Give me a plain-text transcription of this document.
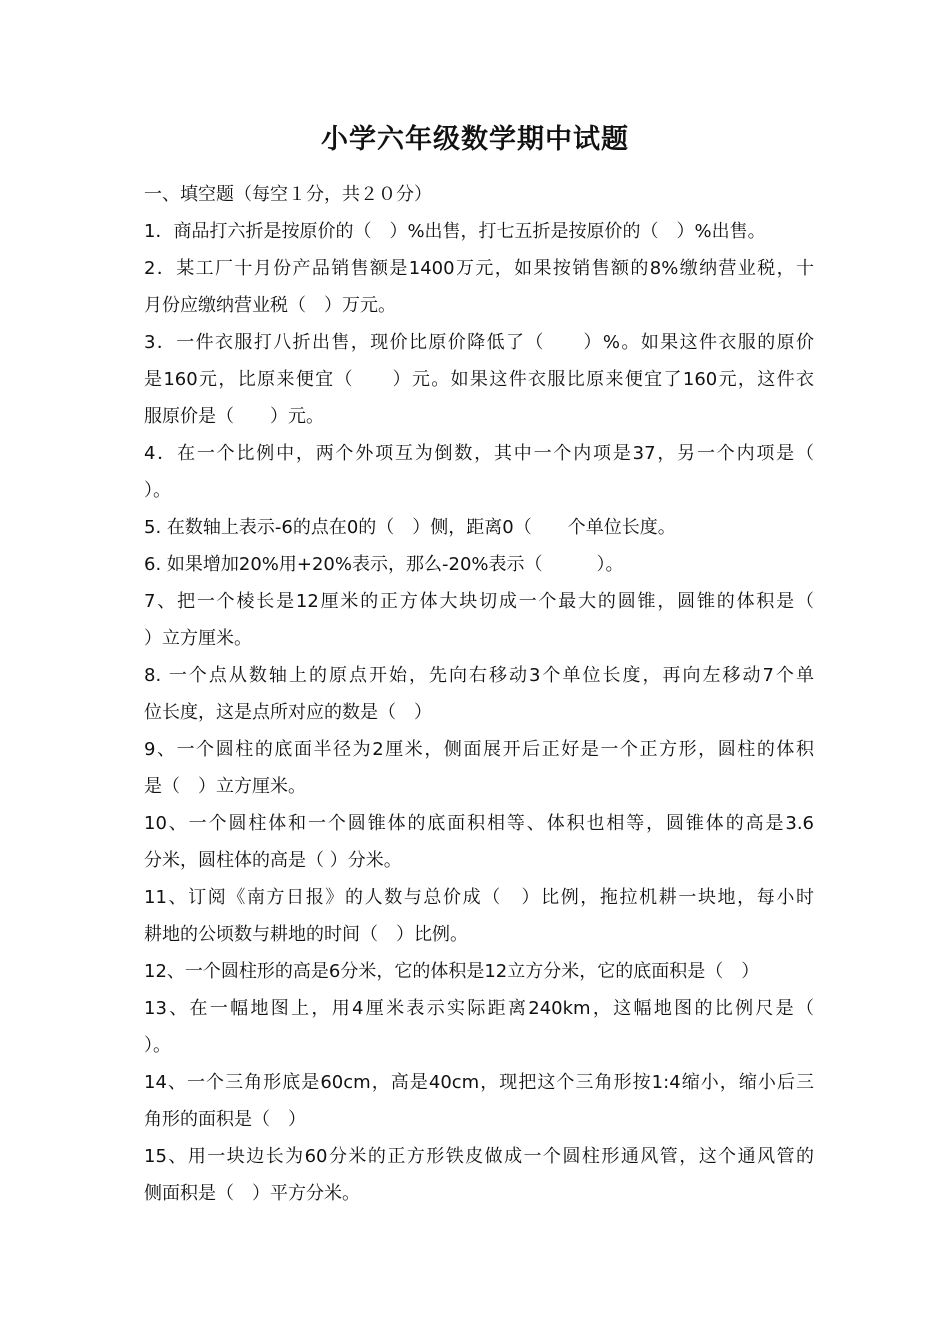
小学六年级数学期中试题
一、填空题（每空１分，共２０分）
1．商品打六折是按原价的（　）%出售，打七五折是按原价的（　）%出售。
2．某工厂十月份产品销售额是1400万元，如果按销售额的8%缴纳营业税，十
月份应缴纳营业税（　）万元。
3．一件衣服打八折出售，现价比原价降低了（　　）%。如果这件衣服的原价
是160元，比原来便宜（　　）元。如果这件衣服比原来便宜了160元，这件衣
服原价是（　　）元。
4．在一个比例中，两个外项互为倒数，其中一个内项是37，另一个内项是（
）。
5. 在数轴上表示-6的点在0的（　）侧，距离0（　　个单位长度。
6. 如果增加20%用+20%表示，那么-20%表示（　　　）。
7、把一个棱长是12厘米的正方体大块切成一个最大的圆锥，圆锥的体积是（
）立方厘米。
8. 一个点从数轴上的原点开始，先向右移动3个单位长度，再向左移动7个单
位长度，这是点所对应的数是（　）
9、一个圆柱的底面半径为2厘米，侧面展开后正好是一个正方形，圆柱的体积
是（　）立方厘米。
10、一个圆柱体和一个圆锥体的底面积相等、体积也相等，圆锥体的高是3.6
分米，圆柱体的高是（ ）分米。
11、订阅《南方日报》的人数与总价成（　）比例，拖拉机耕一块地，每小时
耕地的公顷数与耕地的时间（　）比例。
12、一个圆柱形的高是6分米，它的体积是12立方分米，它的底面积是（　）
13、在一幅地图上，用4厘米表示实际距离240km，这幅地图的比例尺是（
）。
14、一个三角形底是60cm，高是40cm，现把这个三角形按1:4缩小，缩小后三
角形的面积是（　）
15、用一块边长为60分米的正方形铁皮做成一个圆柱形通风管，这个通风管的
侧面积是（　）平方分米。
